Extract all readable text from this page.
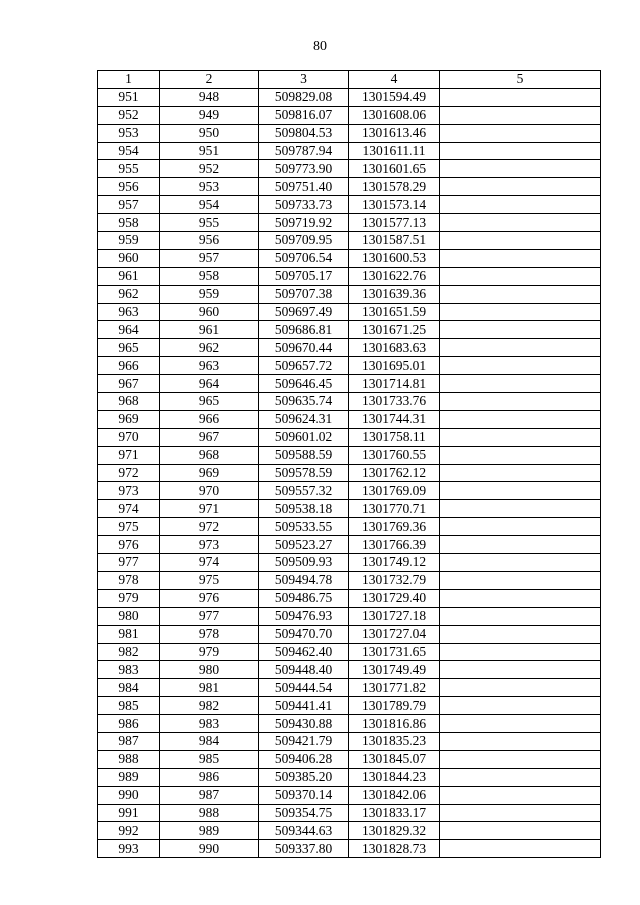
80
1	2	3	4	5
951	948	509829.08	1301594.49	
952	949	509816.07	1301608.06	
953	950	509804.53	1301613.46	
954	951	509787.94	1301611.11	
955	952	509773.90	1301601.65	
956	953	509751.40	1301578.29	
957	954	509733.73	1301573.14	
958	955	509719.92	1301577.13	
959	956	509709.95	1301587.51	
960	957	509706.54	1301600.53	
961	958	509705.17	1301622.76	
962	959	509707.38	1301639.36	
963	960	509697.49	1301651.59	
964	961	509686.81	1301671.25	
965	962	509670.44	1301683.63	
966	963	509657.72	1301695.01	
967	964	509646.45	1301714.81	
968	965	509635.74	1301733.76	
969	966	509624.31	1301744.31	
970	967	509601.02	1301758.11	
971	968	509588.59	1301760.55	
972	969	509578.59	1301762.12	
973	970	509557.32	1301769.09	
974	971	509538.18	1301770.71	
975	972	509533.55	1301769.36	
976	973	509523.27	1301766.39	
977	974	509509.93	1301749.12	
978	975	509494.78	1301732.79	
979	976	509486.75	1301729.40	
980	977	509476.93	1301727.18	
981	978	509470.70	1301727.04	
982	979	509462.40	1301731.65	
983	980	509448.40	1301749.49	
984	981	509444.54	1301771.82	
985	982	509441.41	1301789.79	
986	983	509430.88	1301816.86	
987	984	509421.79	1301835.23	
988	985	509406.28	1301845.07	
989	986	509385.20	1301844.23	
990	987	509370.14	1301842.06	
991	988	509354.75	1301833.17	
992	989	509344.63	1301829.32	
993	990	509337.80	1301828.73	
